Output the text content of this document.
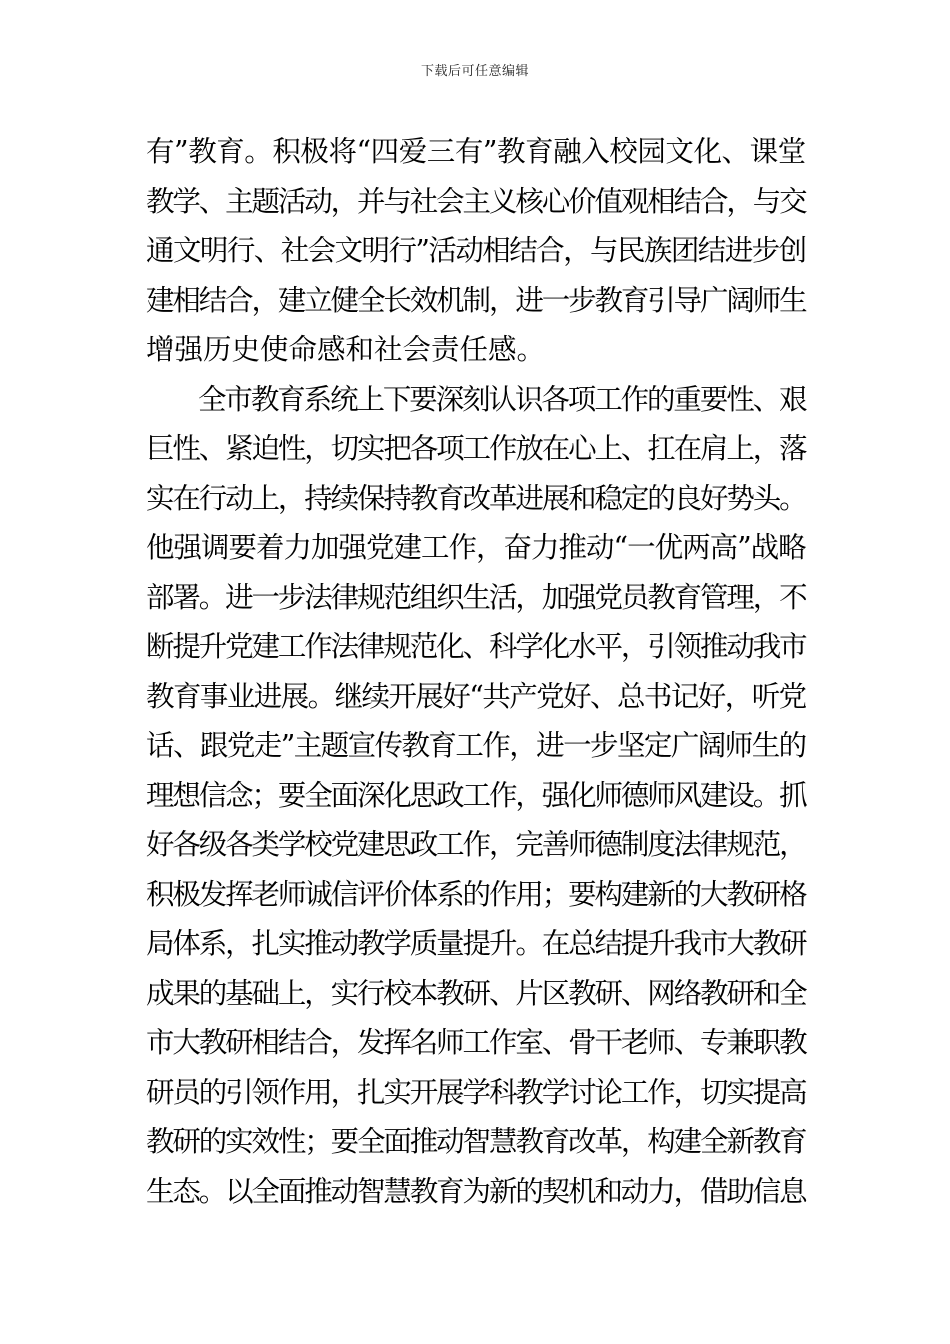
下载后可任意编辑
有”教育。积极将“四爱三有”教育融入校园文化、课堂
教学、主题活动，并与社会主义核心价值观相结合，与交
通文明行、社会文明行”活动相结合，与民族团结进步创
建相结合，建立健全长效机制，进一步教育引导广阔师生
增强历史使命感和社会责任感。
全市教育系统上下要深刻认识各项工作的重要性、艰
巨性、紧迫性，切实把各项工作放在心上、扛在肩上，落
实在行动上，持续保持教育改革进展和稳定的良好势头。
他强调要着力加强党建工作，奋力推动“一优两高”战略
部署。进一步法律规范组织生活，加强党员教育管理，不
断提升党建工作法律规范化、科学化水平，引领推动我市
教育事业进展。继续开展好“共产党好、总书记好，听党
话、跟党走”主题宣传教育工作，进一步坚定广阔师生的
理想信念；要全面深化思政工作，强化师德师风建设。抓
好各级各类学校党建思政工作，完善师德制度法律规范，
积极发挥老师诚信评价体系的作用；要构建新的大教研格
局体系，扎实推动教学质量提升。在总结提升我市大教研
成果的基础上，实行校本教研、片区教研、网络教研和全
市大教研相结合，发挥名师工作室、骨干老师、专兼职教
研员的引领作用，扎实开展学科教学讨论工作，切实提高
教研的实效性；要全面推动智慧教育改革，构建全新教育
生态。以全面推动智慧教育为新的契机和动力，借助信息
